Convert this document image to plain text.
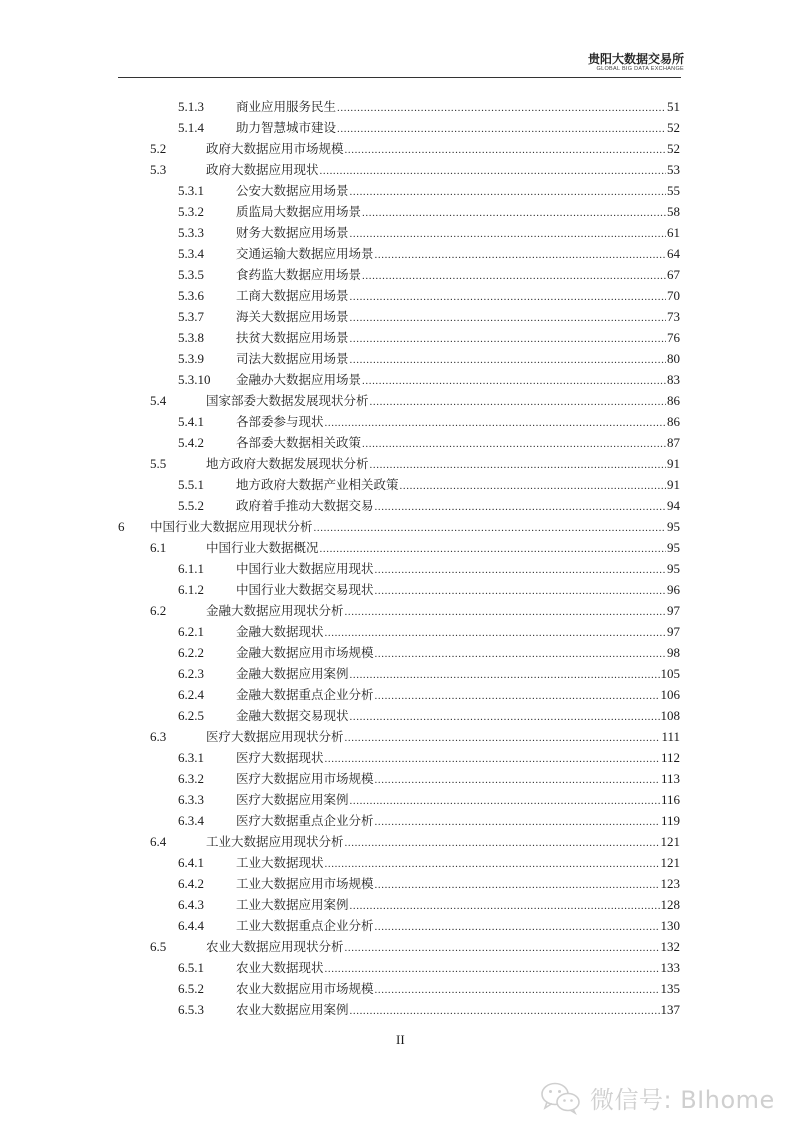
贵阳大数据交易所
GLOBAL BIG DATA EXCHANGE
5.1.3	商业应用服务民生 .....	51
5.1.4	助力智慧城市建设 .....	52
5.2	政府大数据应用市场规模 .....	52
5.3	政府大数据应用现状 .....	53
5.3.1	公安大数据应用场景 .....	55
5.3.2	质监局大数据应用场景 .....	58
5.3.3	财务大数据应用场景 .....	61
5.3.4	交通运输大数据应用场景 .....	64
5.3.5	食药监大数据应用场景 .....	67
5.3.6	工商大数据应用场景 .....	70
5.3.7	海关大数据应用场景 .....	73
5.3.8	扶贫大数据应用场景 .....	76
5.3.9	司法大数据应用场景 .....	80
5.3.10 金融办大数据应用场景 .....	83
5.4	国家部委大数据发展现状分析 .....	86
5.4.1	各部委参与现状 .....	86
5.4.2	各部委大数据相关政策 .....	87
5.5	地方政府大数据发展现状分析 .....	91
5.5.1	地方政府大数据产业相关政策 .....	91
5.5.2	政府着手推动大数据交易 .....	94
6 中国行业大数据应用现状分析 .....	95
6.1	中国行业大数据概况 .....	95
6.1.1	中国行业大数据应用现状 .....	95
6.1.2	中国行业大数据交易现状 .....	96
6.2	金融大数据应用现状分析 .....	97
6.2.1	金融大数据现状 .....	97
6.2.2	金融大数据应用市场规模 .....	98
6.2.3	金融大数据应用案例 .....	105
6.2.4	金融大数据重点企业分析 .....	106
6.2.5	金融大数据交易现状 .....	108
6.3	医疗大数据应用现状分析 .....	111
6.3.1	医疗大数据现状 .....	112
6.3.2	医疗大数据应用市场规模 .....	113
6.3.3	医疗大数据应用案例 .....	116
6.3.4	医疗大数据重点企业分析 .....	119
6.4	工业大数据应用现状分析 .....	121
6.4.1	工业大数据现状 .....	121
6.4.2	工业大数据应用市场规模 .....	123
6.4.3	工业大数据应用案例 .....	128
6.4.4	工业大数据重点企业分析 .....	130
6.5	农业大数据应用现状分析 .....	132
6.5.1	农业大数据现状 .....	133
6.5.2	农业大数据应用市场规模 .....	135
6.5.3	农业大数据应用案例 .....	137
II
微信号: BIhome
